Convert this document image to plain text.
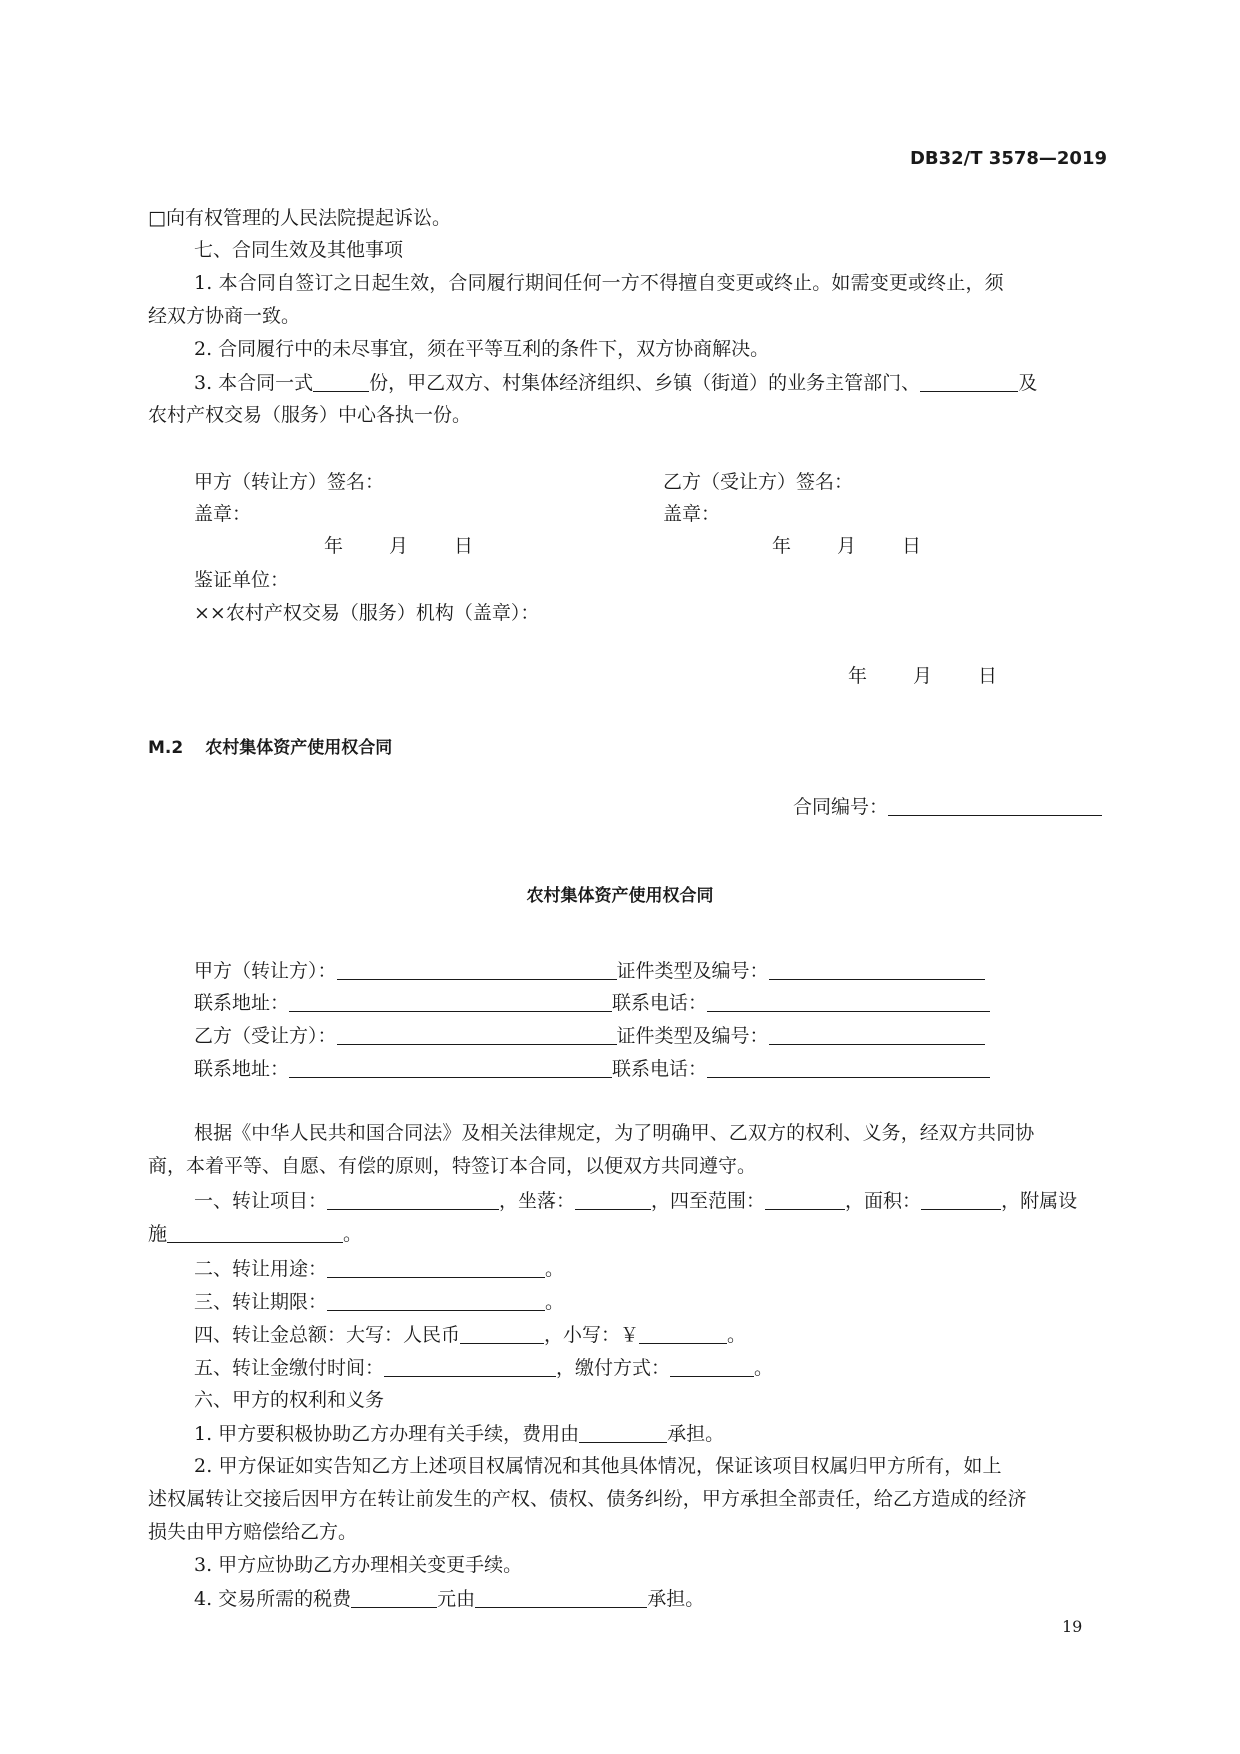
DB32/T 3578—2019
□向有权管理的人民法院提起诉讼。
七、合同生效及其他事项
1. 本合同自签订之日起生效，合同履行期间任何一方不得擅自变更或终止。如需变更或终止，须
经双方协商一致。
2. 合同履行中的未尽事宜，须在平等互利的条件下，双方协商解决。
3. 本合同一式	份，甲乙双方、村集体经济组织、乡镇（街道）的业务主管部门、	及
农村产权交易（服务）中心各执一份。
甲方（转让方）签名：	乙方（受让方）签名：
盖章：	盖章：
年 月 日	年 月 日
鉴证单位：
××农村产权交易（服务）机构（盖章）：
年 月 日
M.2 农村集体资产使用权合同
合同编号：
农村集体资产使用权合同
甲方（转让方）：	证件类型及编号：
联系地址：	联系电话：
乙方（受让方）：	证件类型及编号：
联系地址：	联系电话：
根据《中华人民共和国合同法》及相关法律规定，为了明确甲、乙双方的权利、义务，经双方共同协
商，本着平等、自愿、有偿的原则，特签订本合同，以便双方共同遵守。
一、转让项目：	，坐落：	，四至范围：	，面积：	，附属设
施	。
二、转让用途：	。
三、转让期限：	。
四、转让金总额：大写：人民币	，小写：￥	。
五、转让金缴付时间：	，缴付方式：	。
六、甲方的权利和义务
1. 甲方要积极协助乙方办理有关手续，费用由	承担。
2. 甲方保证如实告知乙方上述项目权属情况和其他具体情况，保证该项目权属归甲方所有，如上
述权属转让交接后因甲方在转让前发生的产权、债权、债务纠纷，甲方承担全部责任，给乙方造成的经济
损失由甲方赔偿给乙方。
3. 甲方应协助乙方办理相关变更手续。
4. 交易所需的税费	元由	承担。
19
